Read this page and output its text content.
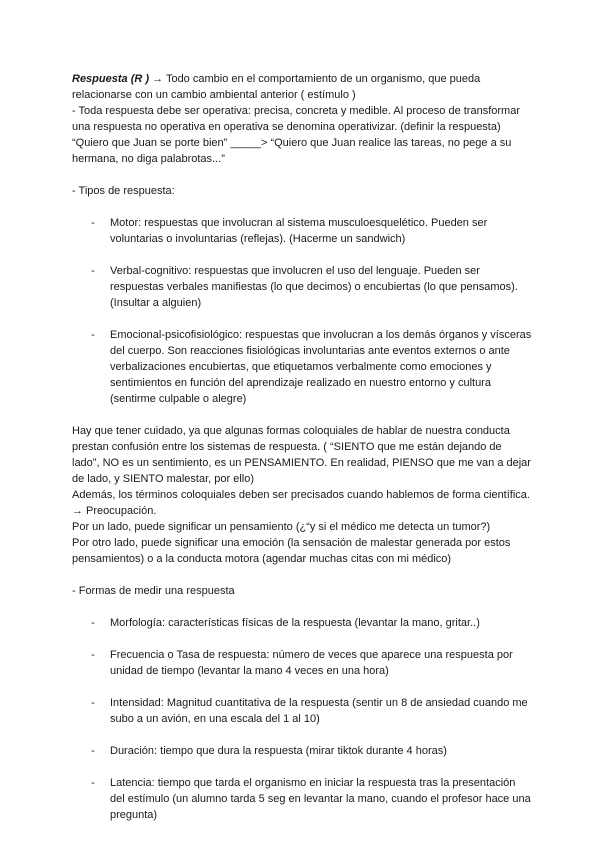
Respuesta (R ) → Todo cambio en el comportamiento de un organismo, que pueda relacionarse con un cambio ambiental anterior ( estímulo )

- Toda respuesta debe ser operativa: precisa, concreta y medible. Al proceso de transformar una respuesta no operativa en operativa se denomina operativizar. (definir la respuesta)

“Quiero que Juan se porte bien” _____> “Quiero que Juan realice las tareas, no pege a su hermana, no diga palabrotas...”

- Tipos de respuesta:

- Motor: respuestas que involucran al sistema musculoesquelético. Pueden ser voluntarias o involuntarias (reflejas). (Hacerme un sandwich)
- Verbal-cognitivo: respuestas que involucren el uso del lenguaje. Pueden ser respuestas verbales manifiestas (lo que decimos) o encubiertas (lo que pensamos). (Insultar a alguien)
- Emocional-psicofisiológico: respuestas que involucran a los demás órganos y vísceras del cuerpo. Son reacciones fisiológicas involuntarias ante eventos externos o ante verbalizaciones encubiertas, que etiquetamos verbalmente como emociones y sentimientos en función del aprendizaje realizado en nuestro entorno y cultura (sentirme culpable o alegre)

Hay que tener cuidado, ya que algunas formas coloquiales de hablar de nuestra conducta prestan confusión entre los sistemas de respuesta. ( “SIENTO que me están dejando de lado”, NO es un sentimiento, es un PENSAMIENTO. En realidad, PIENSO que me van a dejar de lado, y SIENTO malestar, por ello)

Además, los términos coloquiales deben ser precisados cuando hablemos de forma científica. → Preocupación.

Por un lado, puede significar un pensamiento (¿“y si el médico me detecta un tumor?)

Por otro lado, puede significar una emoción (la sensación de malestar generada por estos pensamientos) o a la conducta motora (agendar muchas citas con mi médico)

- Formas de medir una respuesta

- Morfología: características físicas de la respuesta (levantar la mano, gritar..)
- Frecuencia o Tasa de respuesta: número de veces que aparece una respuesta por unidad de tiempo (levantar la mano 4 veces en una hora)
- Intensidad: Magnitud cuantitativa de la respuesta (sentir un 8 de ansiedad cuando me subo a un avión, en una escala del 1 al 10)
- Duración: tiempo que dura la respuesta (mirar tiktok durante 4 horas)
- Latencia: tiempo que tarda el organismo en iniciar la respuesta tras la presentación del estímulo (un alumno tarda 5 seg en levantar la mano, cuando el profesor hace una pregunta)
